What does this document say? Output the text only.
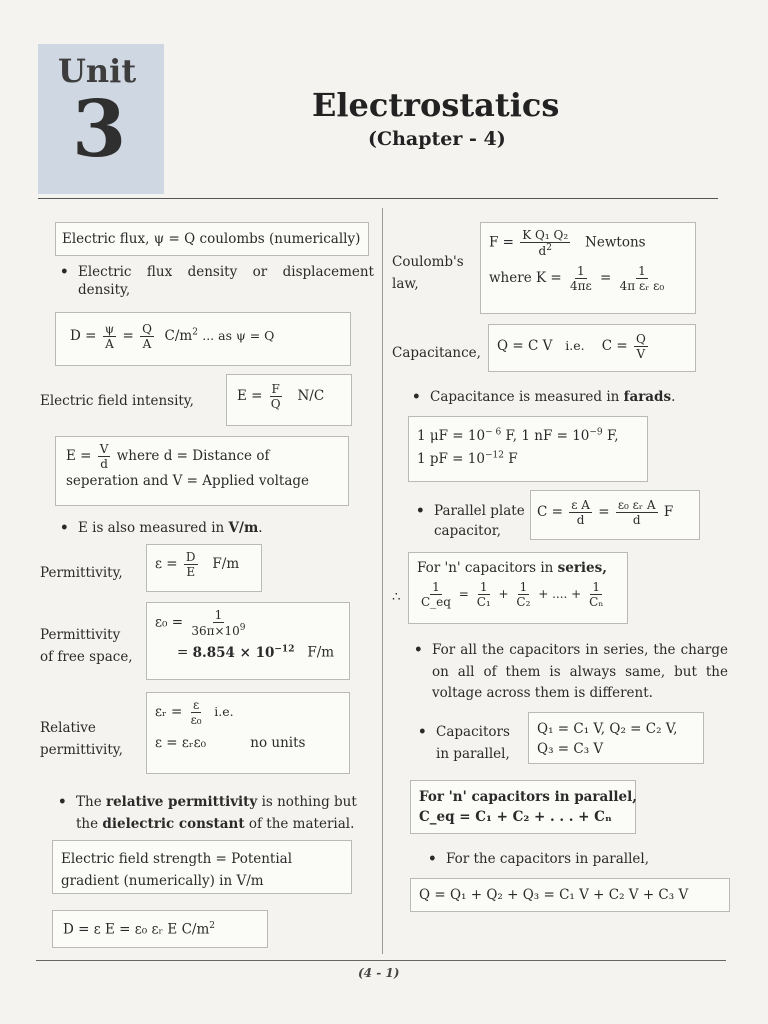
Unit
3	Electrostatics
(Chapter - 4)
Electric flux, ψ = Q coulombs (numerically)
• Electric flux density or displacement density,
$D = \frac{\psi}{A} = \frac{Q}{A} C/m^2$ ... as ψ = Q
Electric field intensity,	$E = \frac{F}{Q} N/C$
$E = \frac{V}{d}$ where d = Distance of
seperation and V = Applied voltage
• E is also measured in V/m.
Permittivity,
$\varepsilon = \frac{D}{E} F/m$
Permittivity
of free space,
$\varepsilon_0 = \frac{1}{36\pi\times 10^9}$
= $8.854 \times 10^{-12}$ F/m
Relative
permittivity,
εᵣ = $\frac{\varepsilon}{\text{ε₀}} i.e$.
ε = εᵣε₀	no units
• The relative permittivity is nothing but the dielectric constant of the material.
Electric field strength = Potential gradient (numerically) in V/m
D = ε E = ε₀ εᵣ E $C/m^2$
Coulomb's
law,
$F = \frac{\text{K Q₁ Q₂}}{d^2}$ Newtons
where $K = \frac{1}{4\pi\varepsilon} = \frac{1}{\text{4π εᵣ ε₀}}$
Capacitance,	Q = C V i.e. $C = \frac{Q}{V}$
• Capacitance is measured in farads.
1 $\mu F = 10^{- 6}$ F, 1 nF = $10^{-9}$ F,
1 pF = $10^{-12}$ F
• Parallel plate
capacitor,
$C = \frac{\text{ε A}}{d} = \frac{\text{ε₀ εᵣ A}}{d}$ F
For 'n' capacitors in series,
$\frac{1}{C\_eq} = \frac{1}{\text{C₁}} + \frac{1}{\text{C₂}}$ + .... + $\frac{1}{\text{Cₙ}}$
∴
• For all the capacitors in series, the charge on all of them is always same, but the voltage across them is different.
• Capacitors
in parallel,
Q₁ = C₁ V, Q₂ = C₂ V,
Q₃ = C₃ V
For 'n' capacitors in parallel,
C_eq = C₁ + C₂ + . . . + Cₙ
• For the capacitors in parallel,
Q = Q₁ + Q₂ + Q₃ = C₁ V + C₂ V + C₃ V
(4 - 1)
